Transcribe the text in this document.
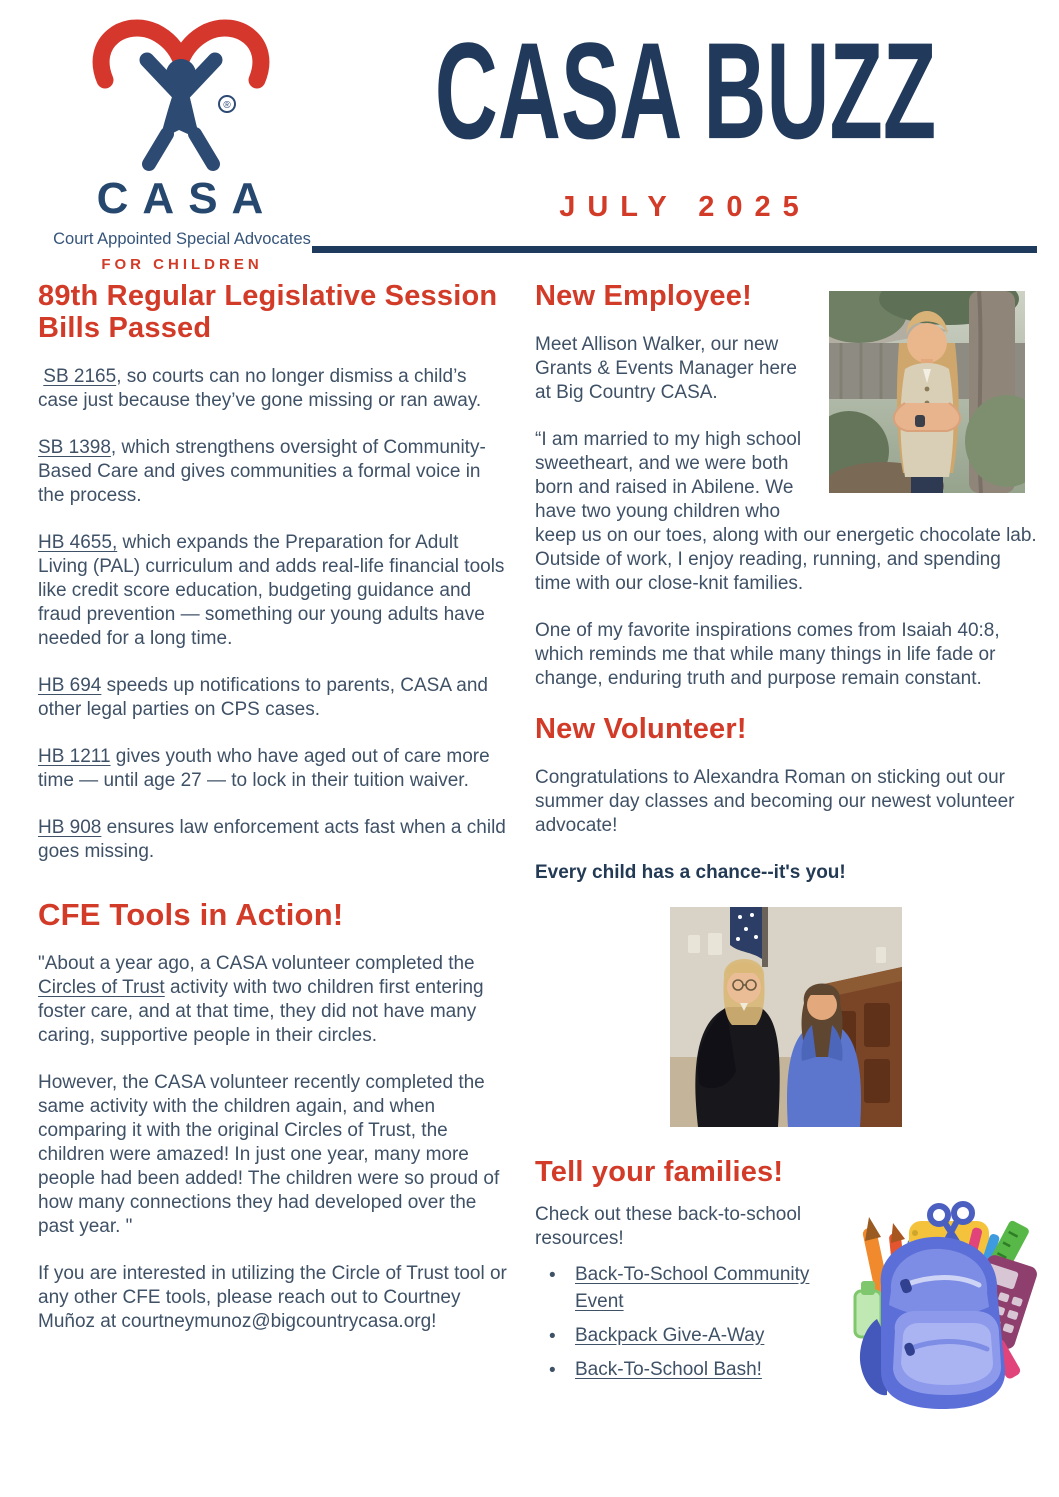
®
CASA
Court Appointed Special Advocates
FOR CHILDREN
CASA BUZZ
JULY 2025
89th Regular Legislative Session Bills Passed

SB 2165, so courts can no longer dismiss a child’s case just because they’ve gone missing or ran away.

SB 1398, which strengthens oversight of Community-Based Care and gives communities a formal voice in the process.

HB 4655, which expands the Preparation for Adult Living (PAL) curriculum and adds real-life financial tools like credit score education, budgeting guidance and fraud prevention — something our young adults have needed for a long time.

HB 694 speeds up notifications to parents, CASA and other legal parties on CPS cases.

HB 1211 gives youth who have aged out of care more time — until age 27 — to lock in their tuition waiver.

HB 908 ensures law enforcement acts fast when a child goes missing.

CFE Tools in Action!

"About a year ago, a CASA volunteer completed the Circles of Trust activity with two children first entering foster care, and at that time, they did not have many caring, supportive people in their circles.

However, the CASA volunteer recently completed the same activity with the children again, and when comparing it with the original Circles of Trust, the children were amazed! In just one year, many more people had been added! The children were so proud of how many connections they had developed over the past year. "

If you are interested in utilizing the Circle of Trust tool or any other CFE tools, please reach out to Courtney Muñoz at courtneymunoz@bigcountrycasa.org!

New Employee!

Meet Allison Walker, our new Grants & Events Manager here at Big Country CASA.

“I am married to my high school sweetheart, and we were both born and raised in Abilene. We have two young children who keep us on our toes, along with our energetic chocolate lab. Outside of work, I enjoy reading, running, and spending time with our close-knit families.

One of my favorite inspirations comes from Isaiah 40:8, which reminds me that while many things in life fade or change, enduring truth and purpose remain constant.

New Volunteer!

Congratulations to Alexandra Roman on sticking out our summer day classes and becoming our newest volunteer advocate!

Every child has a chance--it's you!

Tell your families!

Check out these back-to-school resources!

• Back-To-School Community Event
• Backpack Give-A-Way
• Back-To-School Bash!
